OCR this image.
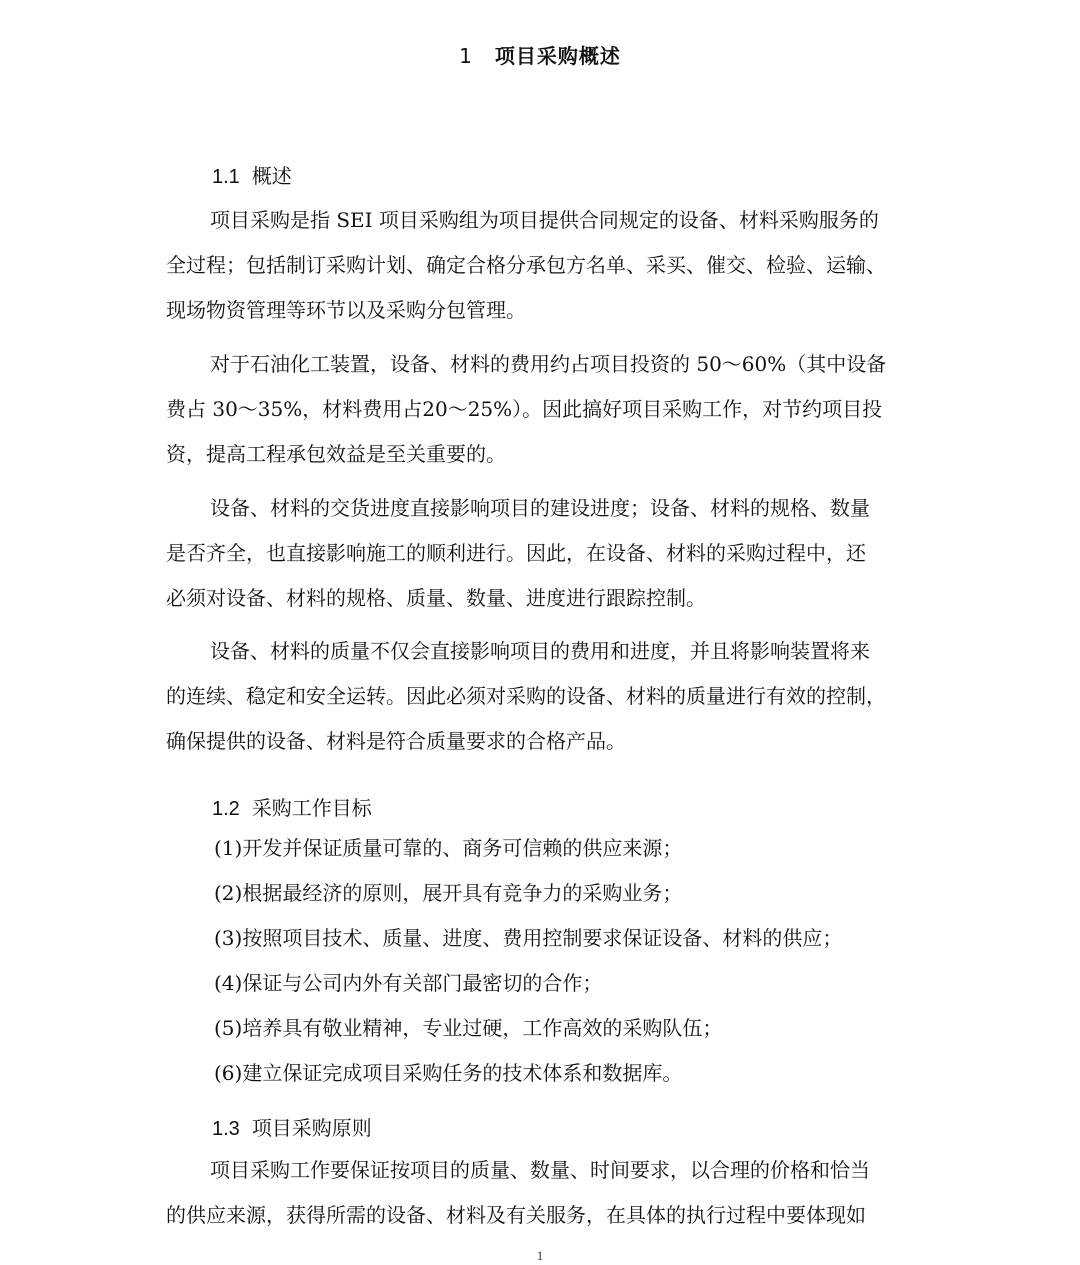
1 项目采购概述
1.1 概述
项目采购是指 SEI 项目采购组为项目提供合同规定的设备、材料采购服务的
全过程；包括制订采购计划、确定合格分承包方名单、采买、催交、检验、运输、
现场物资管理等环节以及采购分包管理。
对于石油化工装置，设备、材料的费用约占项目投资的 50～60%（其中设备
费占 30～35%，材料费用占20～25%）。因此搞好项目采购工作，对节约项目投
资，提高工程承包效益是至关重要的。
设备、材料的交货进度直接影响项目的建设进度；设备、材料的规格、数量
是否齐全，也直接影响施工的顺利进行。因此，在设备、材料的采购过程中，还
必须对设备、材料的规格、质量、数量、进度进行跟踪控制。
设备、材料的质量不仅会直接影响项目的费用和进度，并且将影响装置将来
的连续、稳定和安全运转。因此必须对采购的设备、材料的质量进行有效的控制，
确保提供的设备、材料是符合质量要求的合格产品。
1.2 采购工作目标
(1)开发并保证质量可靠的、商务可信赖的供应来源；
(2)根据最经济的原则，展开具有竞争力的采购业务；
(3)按照项目技术、质量、进度、费用控制要求保证设备、材料的供应；
(4)保证与公司内外有关部门最密切的合作；
(5)培养具有敬业精神，专业过硬，工作高效的采购队伍；
(6)建立保证完成项目采购任务的技术体系和数据库。
1.3 项目采购原则
项目采购工作要保证按项目的质量、数量、时间要求，以合理的价格和恰当
的供应来源，获得所需的设备、材料及有关服务，在具体的执行过程中要体现如
1
